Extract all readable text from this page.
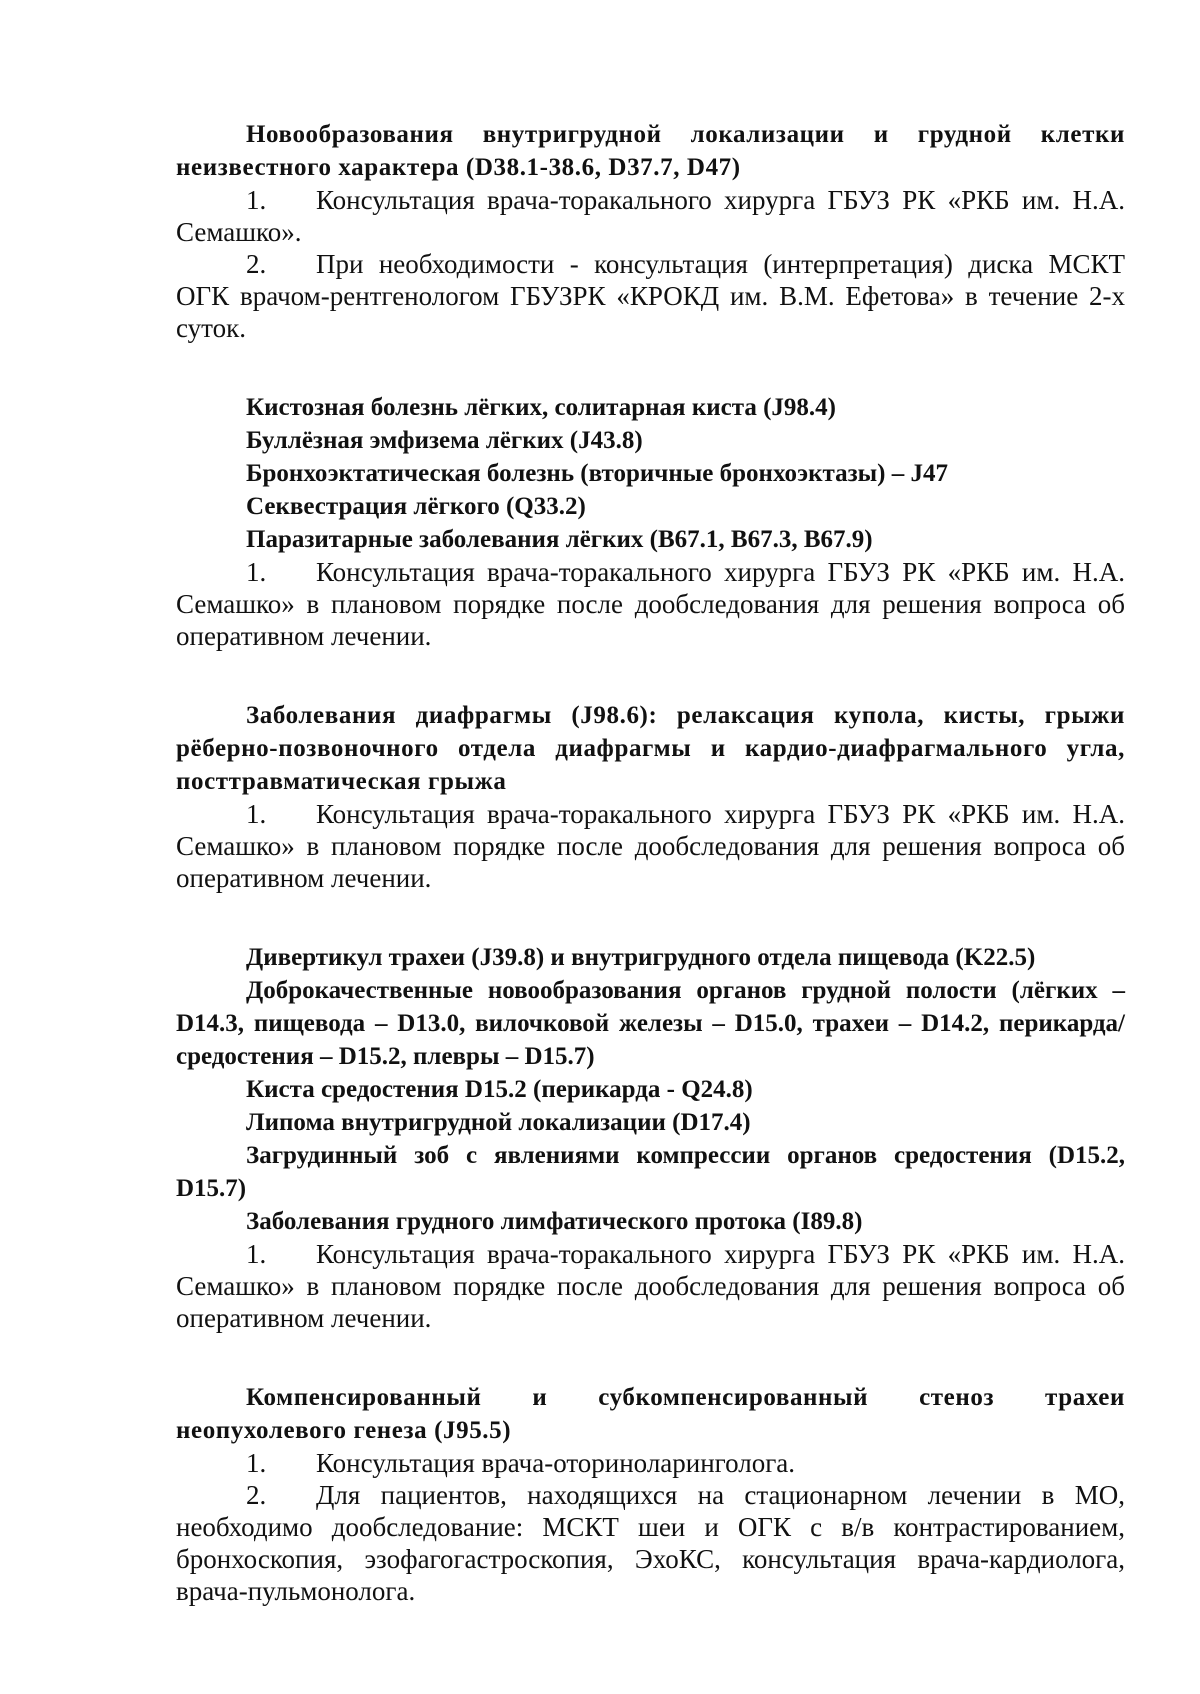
Новообразования внутригрудной локализации и грудной клетки неизвестного характера (D38.1-38.6, D37.7, D47)

1. Консультация врача-торакального хирурга ГБУЗ РК «РКБ им. Н.А. Семашко».

2. При необходимости - консультация (интерпретация) диска МСКТ ОГК врачом-рентгенологом ГБУЗРК «КРОКД им. В.М. Ефетова» в течение 2-х суток.

Кистозная болезнь лёгких, солитарная киста (J98.4)

Буллёзная эмфизема лёгких (J43.8)

Бронхоэктатическая болезнь (вторичные бронхоэктазы) – J47

Секвестрация лёгкого (Q33.2)

Паразитарные заболевания лёгких (B67.1, B67.3, B67.9)

1. Консультация врача-торакального хирурга ГБУЗ РК «РКБ им. Н.А. Семашко» в плановом порядке после дообследования для решения вопроса об оперативном лечении.

Заболевания диафрагмы (J98.6): релаксация купола, кисты, грыжи рёберно-позвоночного отдела диафрагмы и кардио-диафрагмального угла, посттравматическая грыжа

1. Консультация врача-торакального хирурга ГБУЗ РК «РКБ им. Н.А. Семашко» в плановом порядке после дообследования для решения вопроса об оперативном лечении.

Дивертикул трахеи (J39.8) и внутригрудного отдела пищевода (K22.5)

Доброкачественные новообразования органов грудной полости (лёгких – D14.3, пищевода – D13.0, вилочковой железы – D15.0, трахеи – D14.2, перикарда/средостения – D15.2, плевры – D15.7)

Киста средостения D15.2 (перикарда - Q24.8)

Липома внутригрудной локализации (D17.4)

Загрудинный зоб с явлениями компрессии органов средостения (D15.2, D15.7)

Заболевания грудного лимфатического протока (I89.8)

1. Консультация врача-торакального хирурга ГБУЗ РК «РКБ им. Н.А. Семашко» в плановом порядке после дообследования для решения вопроса об оперативном лечении.

Компенсированный и субкомпенсированный стеноз трахеи неопухолевого генеза (J95.5)

1. Консультация врача-оториноларинголога.

2. Для пациентов, находящихся на стационарном лечении в МО, необходимо дообследование: МСКТ шеи и ОГК с в/в контрастированием, бронхоскопия, эзофагогастроскопия, ЭхоКС, консультация врача-кардиолога, врача-пульмонолога.
